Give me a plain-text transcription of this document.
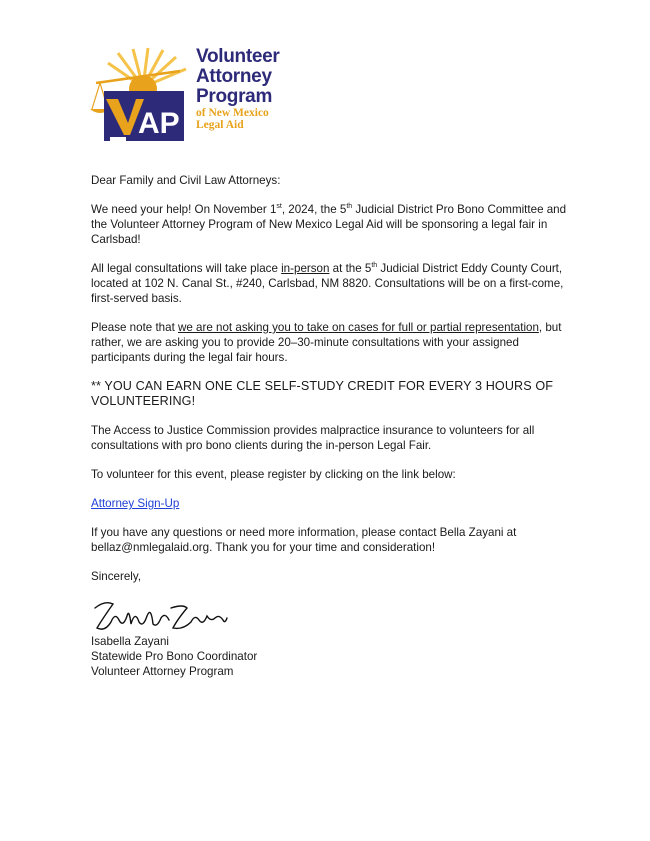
AP
Volunteer
Attorney
Program
of New Mexico
Legal Aid

Dear Family and Civil Law Attorneys:

We need your help! On November 1st, 2024, the 5th Judicial District Pro Bono Committee and the Volunteer Attorney Program of New Mexico Legal Aid will be sponsoring a legal fair in Carlsbad!

All legal consultations will take place in-person at the 5th Judicial District Eddy County Court, located at 102 N. Canal St., #240, Carlsbad, NM 8820. Consultations will be on a first-come, first-served basis.

Please note that we are not asking you to take on cases for full or partial representation, but rather, we are asking you to provide 20–30-minute consultations with your assigned participants during the legal fair hours.

** YOU CAN EARN ONE CLE SELF-STUDY CREDIT FOR EVERY 3 HOURS OF VOLUNTEERING!

The Access to Justice Commission provides malpractice insurance to volunteers for all consultations with pro bono clients during the in-person Legal Fair.

To volunteer for this event, please register by clicking on the link below:

Attorney Sign-Up

If you have any questions or need more information, please contact Bella Zayani at bellaz@nmlegalaid.org. Thank you for your time and consideration!

Sincerely,

Isabella Zayani

Statewide Pro Bono Coordinator

Volunteer Attorney Program
